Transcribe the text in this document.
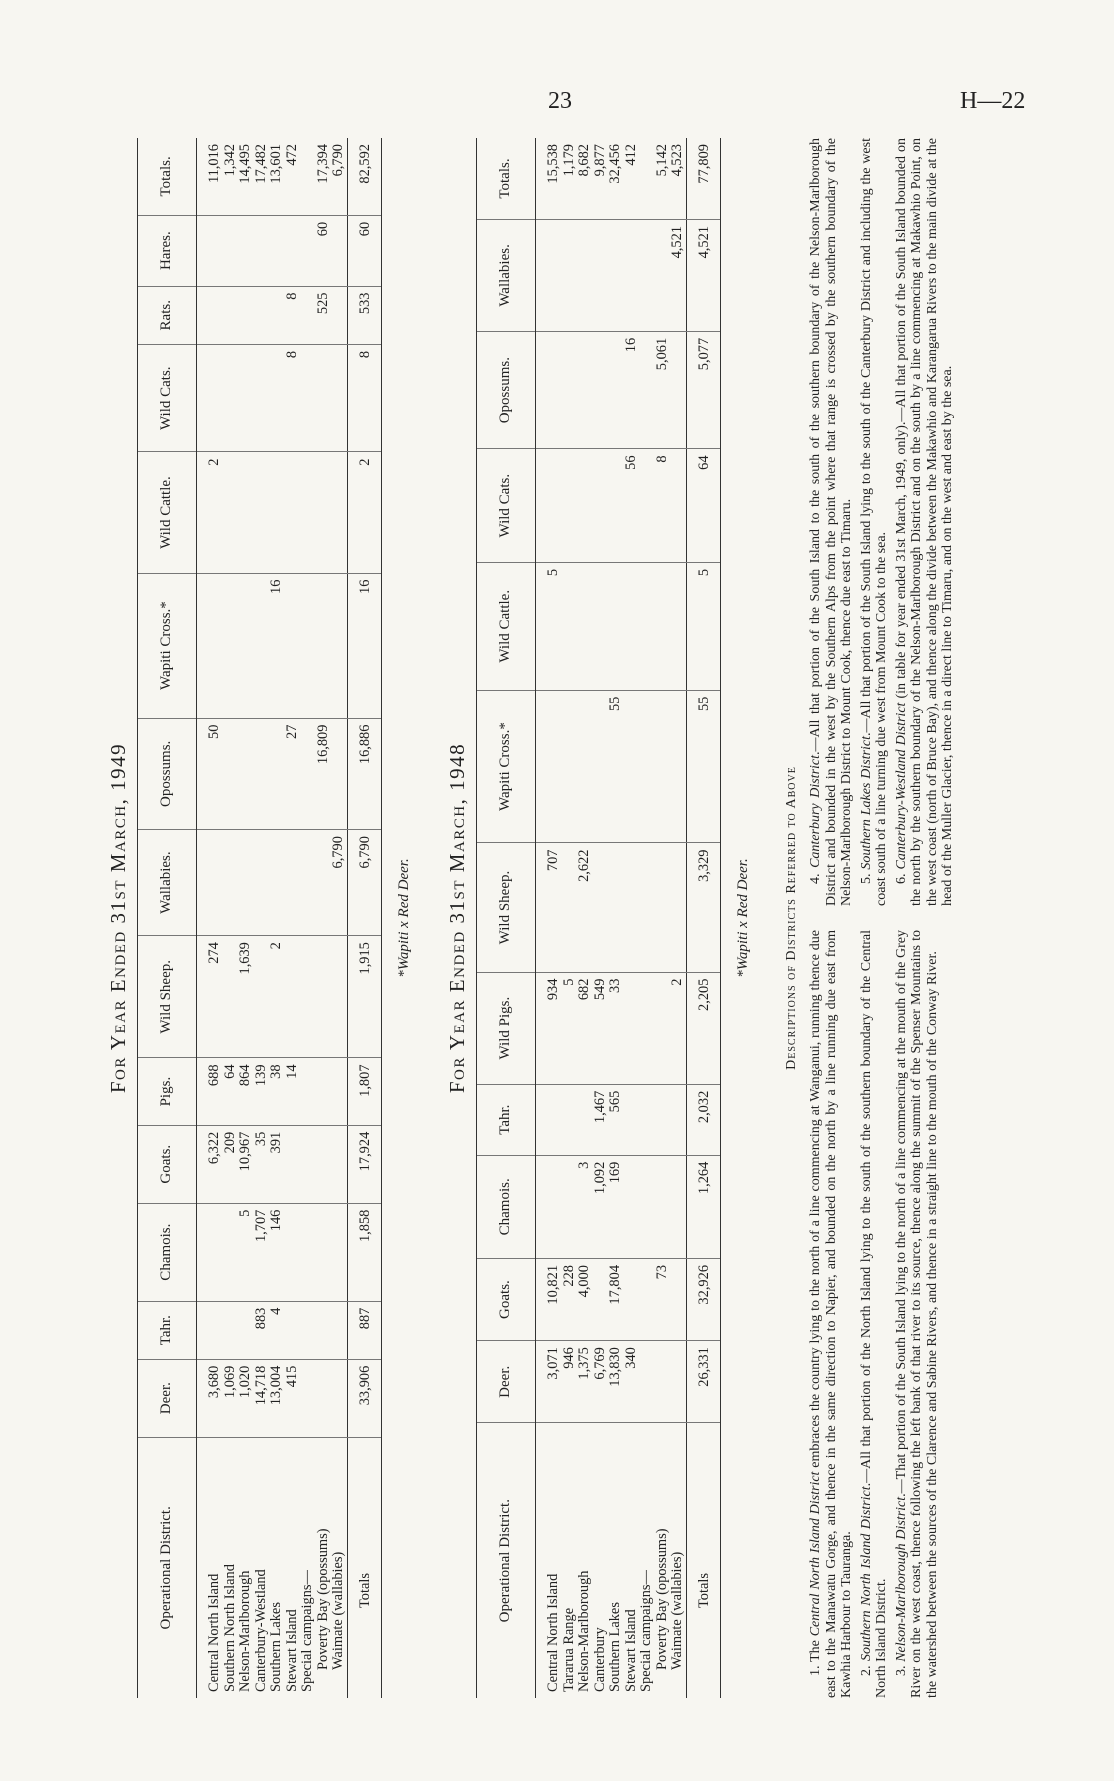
23	H—22
For Year Ended 31st March, 1949
Operational District.	Deer.	Tahr.	Chamois.	Goats.	Pigs.	Wild Sheep.	Wallabies.	Opossums.	Wapiti Cross.*	Wild Cattle.	Wild Cats.	Rats.	Hares.	Totals.
Central North Island	3,680			6,322	688	274		50		2				11,016
Southern North Island	1,069			209	64									1,342
Nelson-Marlborough	1,020		5	10,967	864	1,639								14,495
Canterbury-Westland	14,718	883	1,707	35	139									17,482
Southern Lakes	13,004	4	146	391	38	2			16					13,601
Stewart Island	415				14			27			8	8		472
Special campaigns—														
Poverty Bay (opossums)								16,809				525	60	17,394
Waimate (wallabies)							6,790							6,790
Totals	33,906	887	1,858	17,924	1,807	1,915	6,790	16,886	16	2	8	533	60	82,592
*Wapiti x Red Deer. For Year Ended 31st March, 1948
Operational District.	Deer.	Goats.	Chamois.	Tahr.	Wild Pigs.	Wild Sheep.	Wapiti Cross.*	Wild Cattle.	Wild Cats.	Opossums.	Wallabies.	Totals.
Central North Island	3,071	10,821			934	707		5				15,538
Tararua Range	946	228			5							1,179
Nelson-Marlborough	1,375	4,000	3		682	2,622						8,682
Canterbury	6,769		1,092	1,467	549							9,877
Southern Lakes	13,830	17,804	169	565	33		55					32,456
Stewart Island	340								56	16		412
Special campaigns—												
Poverty Bay (opossums)		73							8	5,061		5,142
Waimate (wallabies)					2						4,521	4,523
Totals	26,331	32,926	1,264	2,032	2,205	3,329	55	5	64	5,077	4,521	77,809
*Wapiti x Red Deer. Descriptions of Districts Referred to Above

1. The Central North Island District embraces the country lying to the north of a line commencing at Wanganui, running thence due east to the Manawatu Gorge, and thence in the same direction to Napier, and bounded on the north by a line running due east from Kawhia Harbour to Tauranga. 2. Southern North Island District.—All that portion of the North Island lying to the south of the southern boundary of the Central North Island District. 3. Nelson-Marlborough District.—That portion of the South Island lying to the north of a line commencing at the mouth of the Grey River on the west coast, thence following the left bank of that river to its source, thence along the summit of the Spenser Mountains to the watershed between the sources of the Clarence and Sabine Rivers, and thence in a straight line to the mouth of the Conway River.

4. Canterbury District.—All that portion of the South Island to the south of the southern boundary of the Nelson-Marlborough District and bounded in the west by the Southern Alps from the point where that range is crossed by the southern boundary of the Nelson-Marlborough District to Mount Cook, thence due east to Timaru. 5. Southern Lakes District.—All that portion of the South Island lying to the south of the Canterbury District and including the west coast south of a line turning due west from Mount Cook to the sea. 6. Canterbury-Westland District (in table for year ended 31st March, 1949, only).—All that portion of the South Island bounded on the north by the southern boundary of the Nelson-Marlborough District and on the south by a line commencing at Makawhio Point, on the west coast (north of Bruce Bay), and thence along the divide between the Makawhio and Karangarua Rivers to the main divide at the head of the Muller Glacier, thence in a direct line to Timaru, and on the west and east by the sea.
